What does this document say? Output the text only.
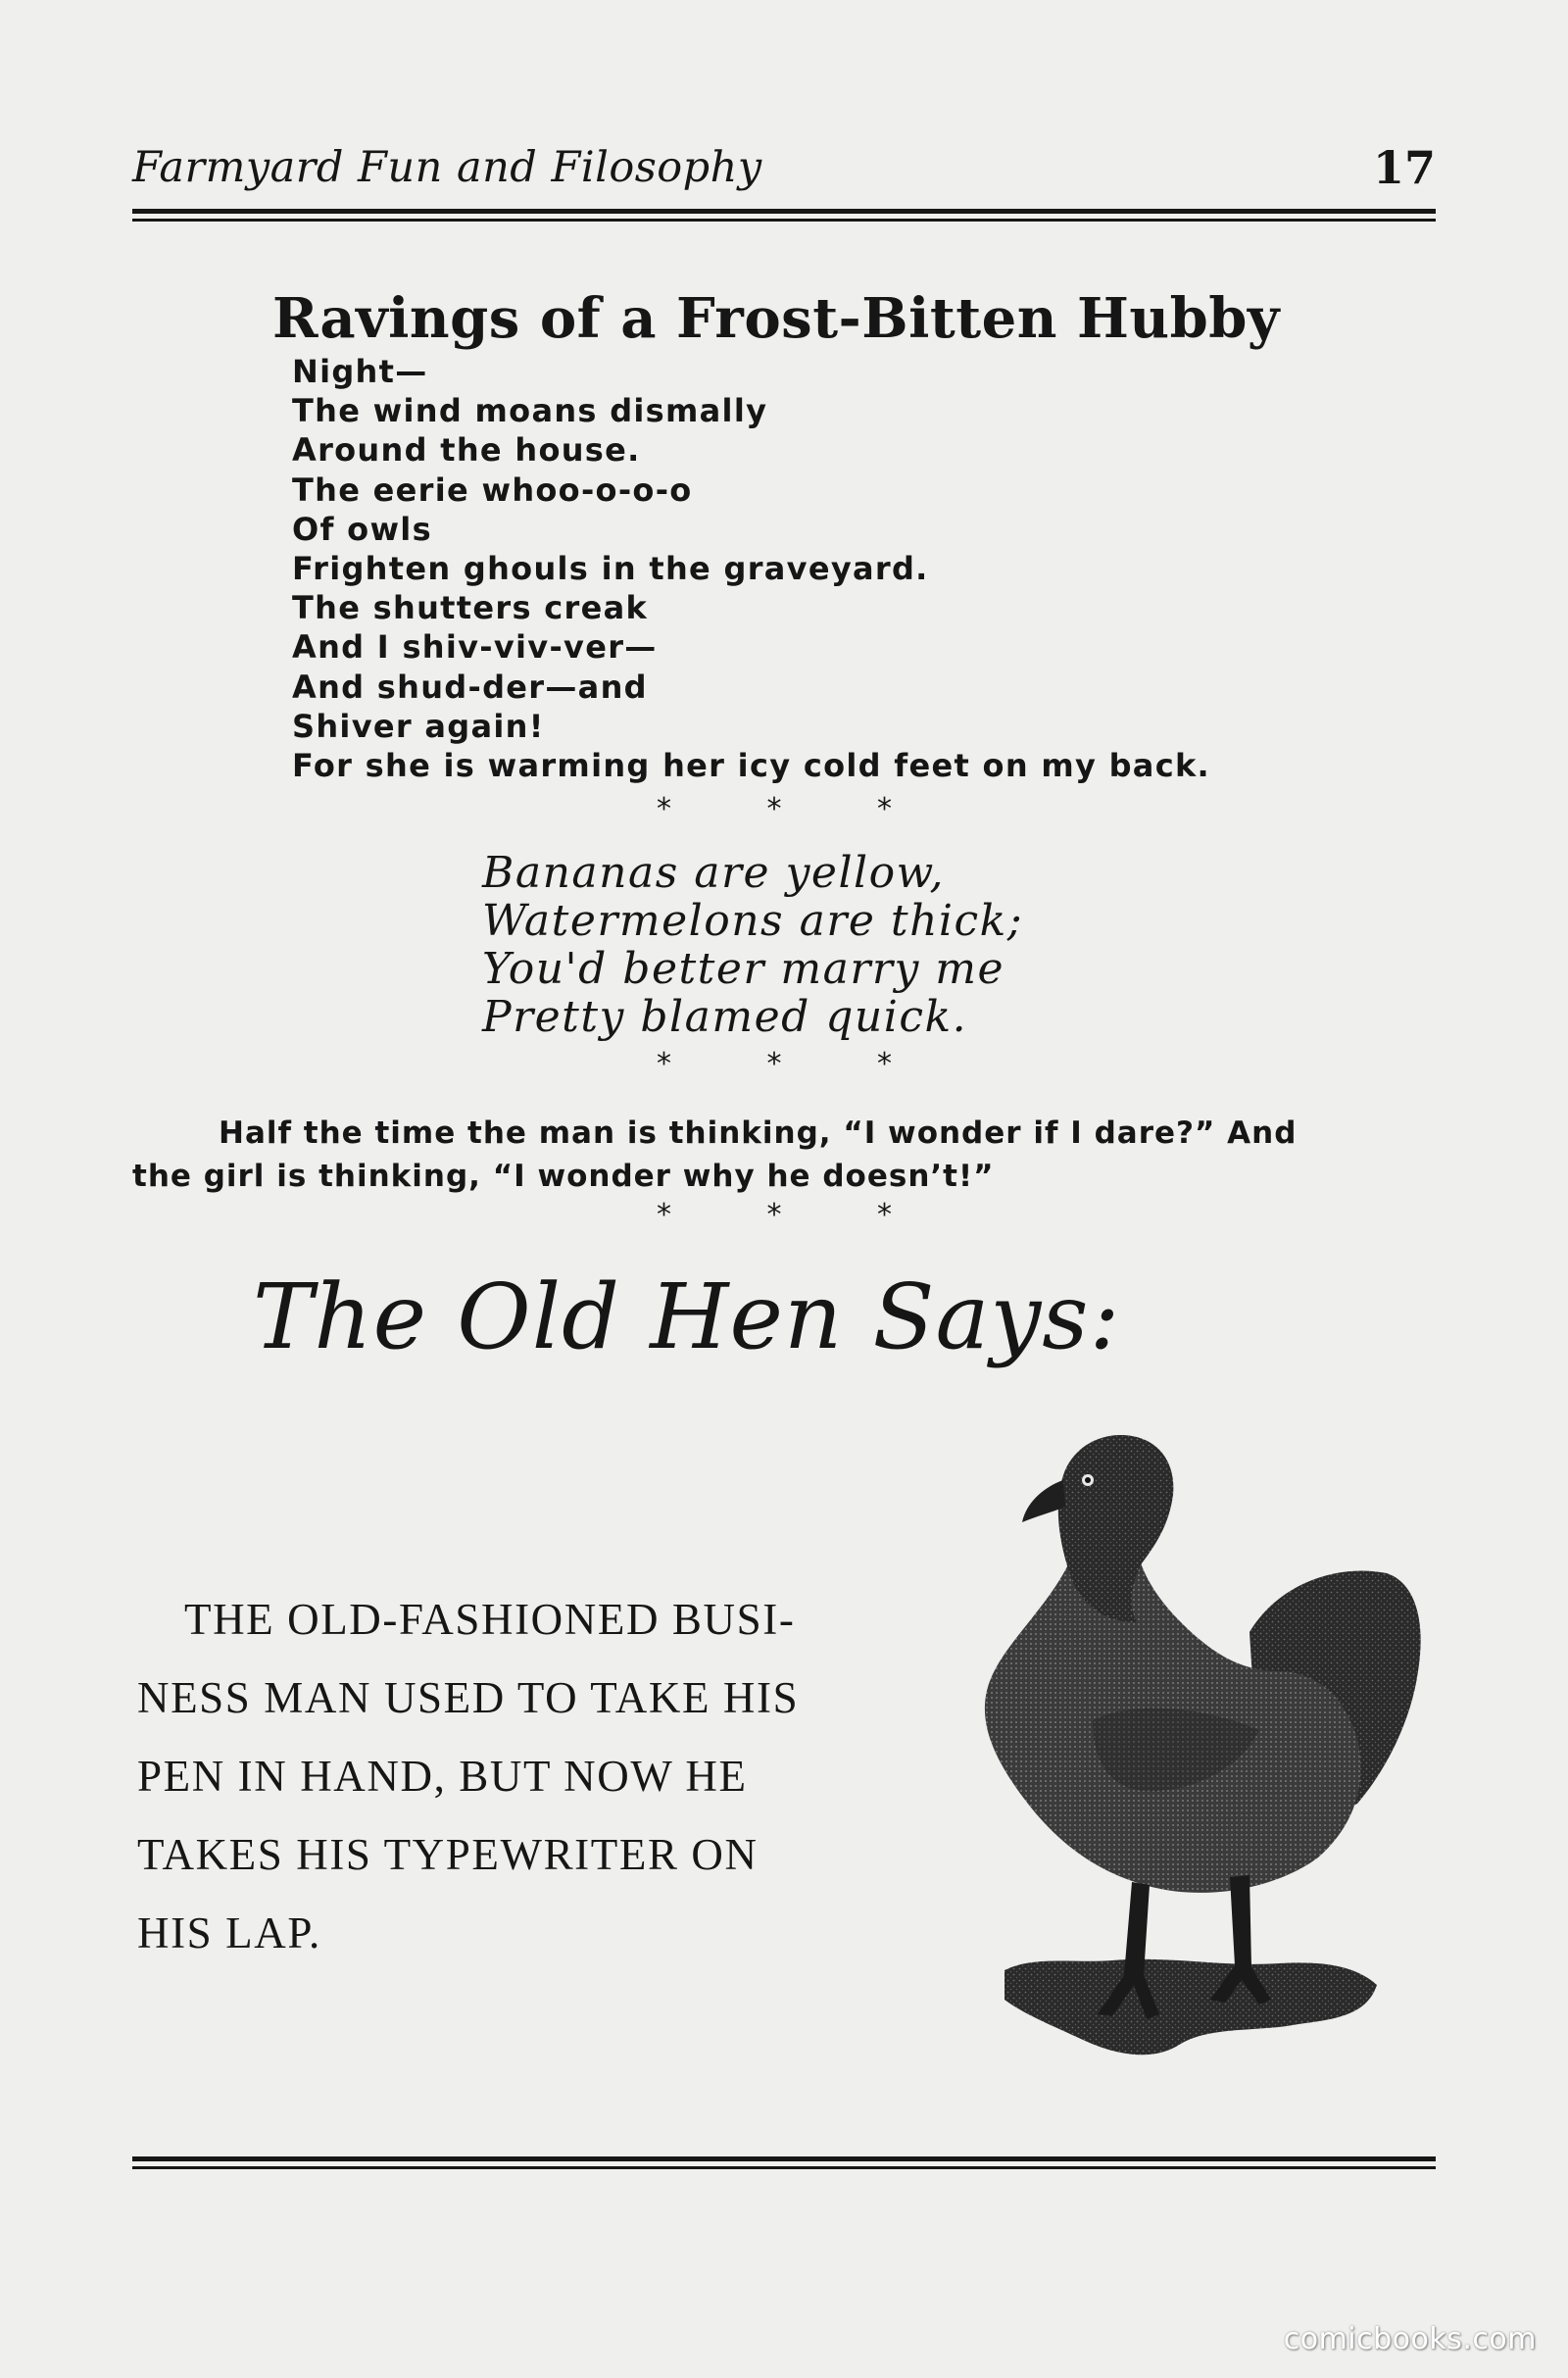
Farmyard Fun and Filosophy	17
Ravings of a Frost-Bitten Hubby
Night—
The wind moans dismally
Around the house.
The eerie whoo-o-o-o
Of owls
Frighten ghouls in the graveyard.
The shutters creak
And I shiv-viv-ver—
And shud-der—and
Shiver again!
For she is warming her icy cold feet on my back.
* * *
Bananas are yellow,
Watermelons are thick;
You'd better marry me
Pretty blamed quick.
* * *
Half the time the man is thinking, “I wonder if I dare?” And
the girl is thinking, “I wonder why he doesn’t!”
* * *
The Old Hen Says:
THE OLD-FASHIONED BUSI-
NESS MAN USED TO TAKE HIS
PEN IN HAND, BUT NOW HE
TAKES HIS TYPEWRITER ON
HIS LAP.
comicbooks.com
